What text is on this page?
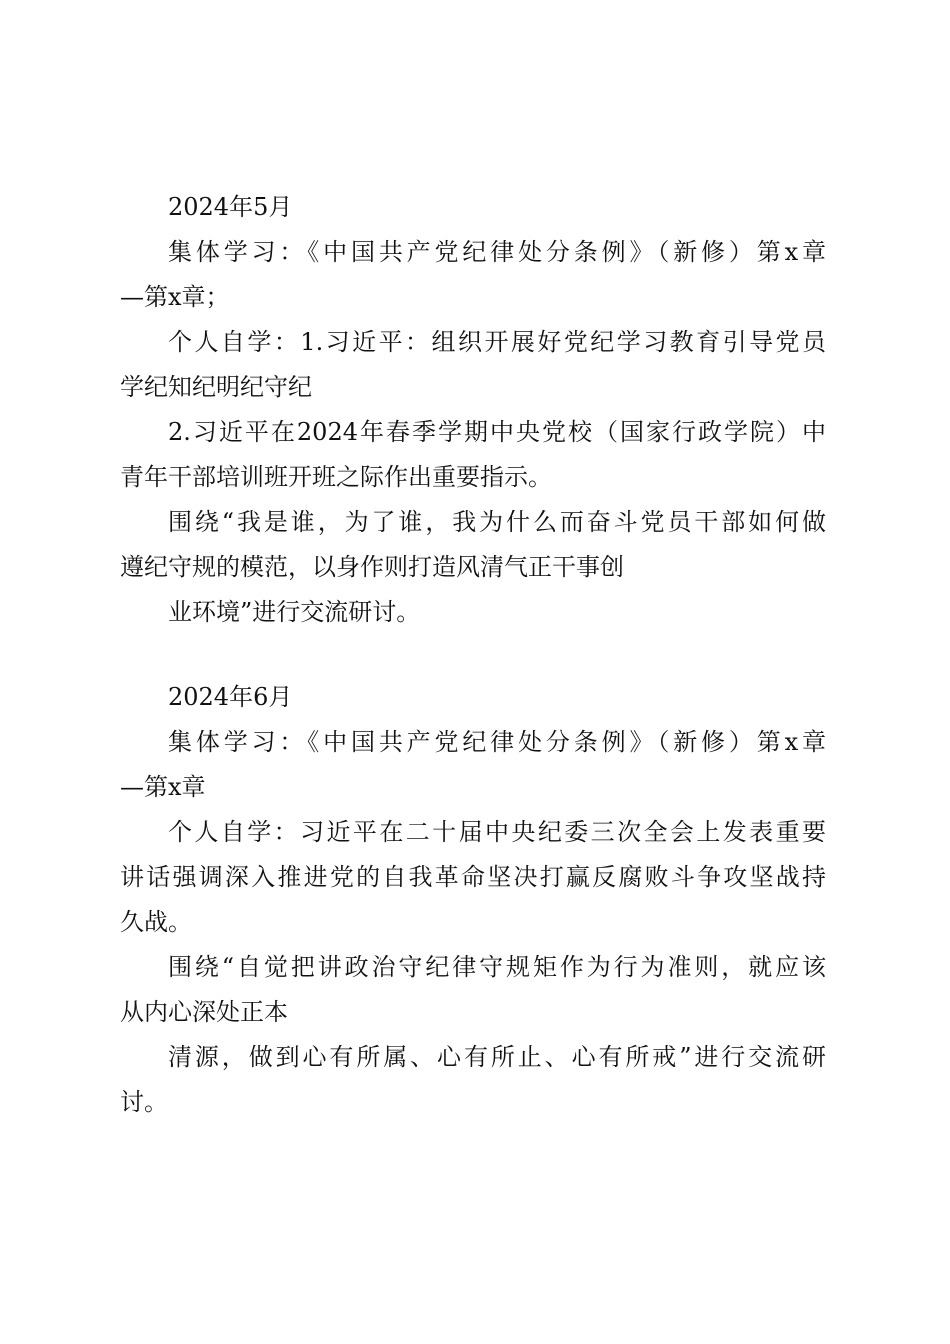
2024年5月
集体学习：《中国共产党纪律处分条例》（新修）第x章
—第x章；
个人自学：1.习近平：组织开展好党纪学习教育引导党员
学纪知纪明纪守纪
2.习近平在2024年春季学期中央党校（国家行政学院）中
青年干部培训班开班之际作出重要指示。
围绕“我是谁，为了谁，我为什么而奋斗党员干部如何做
遵纪守规的模范，以身作则打造风清气正干事创
业环境”进行交流研讨。
2024年6月
集体学习：《中国共产党纪律处分条例》（新修）第x章
—第x章
个人自学：习近平在二十届中央纪委三次全会上发表重要
讲话强调深入推进党的自我革命坚决打赢反腐败斗争攻坚战持
久战。
围绕“自觉把讲政治守纪律守规矩作为行为准则，就应该
从内心深处正本
清源，做到心有所属、心有所止、心有所戒”进行交流研
讨。
